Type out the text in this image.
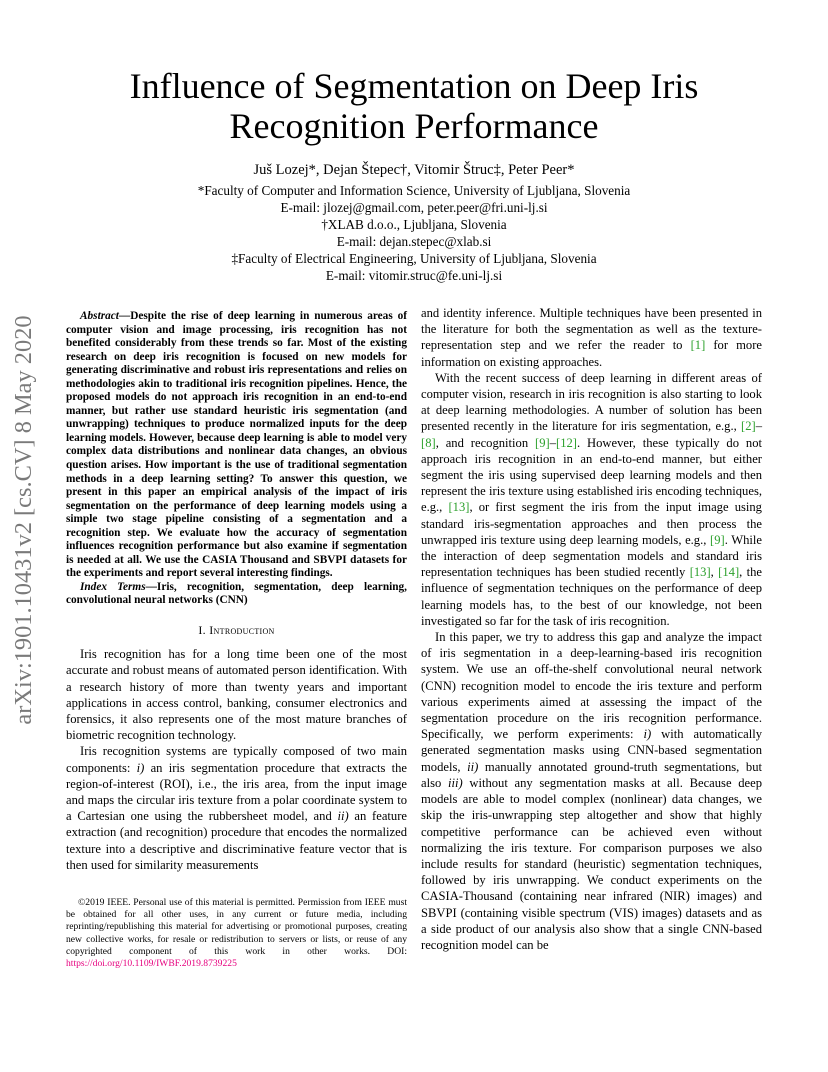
Influence of Segmentation on Deep Iris Recognition Performance
Juš Lozej*, Dejan Štepec†, Vitomir Štruc‡, Peter Peer*
*Faculty of Computer and Information Science, University of Ljubljana, Slovenia
E-mail: jlozej@gmail.com, peter.peer@fri.uni-lj.si
†XLAB d.o.o., Ljubljana, Slovenia
E-mail: dejan.stepec@xlab.si
‡Faculty of Electrical Engineering, University of Ljubljana, Slovenia
E-mail: vitomir.struc@fe.uni-lj.si
arXiv:1901.10431v2 [cs.CV] 8 May 2020	Abstract—Despite the rise of deep learning in numerous areas of computer vision and image processing, iris recognition has not benefited considerably from these trends so far. Most of the existing research on deep iris recognition is focused on new models for generating discriminative and robust iris representations and relies on methodologies akin to traditional iris recognition pipelines. Hence, the proposed models do not approach iris recognition in an end-to-end manner, but rather use standard heuristic iris segmentation (and unwrapping) techniques to produce normalized inputs for the deep learning models. However, because deep learning is able to model very complex data distributions and nonlinear data changes, an obvious question arises. How important is the use of traditional segmentation methods in a deep learning setting? To answer this question, we present in this paper an empirical analysis of the impact of iris segmentation on the performance of deep learning models using a simple two stage pipeline consisting of a segmentation and a recognition step. We evaluate how the accuracy of segmentation influences recognition performance but also examine if segmentation is needed at all. We use the CASIA Thousand and SBVPI datasets for the experiments and report several interesting findings.

Index Terms—Iris, recognition, segmentation, deep learning, convolutional neural networks (CNN)

I. Introduction

Iris recognition has for a long time been one of the most accurate and robust means of automated person identification. With a research history of more than twenty years and important applications in access control, banking, consumer electronics and forensics, it also represents one of the most mature branches of biometric recognition technology.

Iris recognition systems are typically composed of two main components: i) an iris segmentation procedure that extracts the region-of-interest (ROI), i.e., the iris area, from the input image and maps the circular iris texture from a polar coordinate system to a Cartesian one using the rubbersheet model, and ii) an feature extraction (and recognition) procedure that encodes the normalized texture into a descriptive and discriminative feature vector that is then used for similarity measurements

©2019 IEEE. Personal use of this material is permitted. Permission from IEEE must be obtained for all other uses, in any current or future media, including reprinting/republishing this material for advertising or promotional purposes, creating new collective works, for resale or redistribution to servers or lists, or reuse of any copyrighted component of this work in other works. DOI: https://doi.org/10.1109/IWBF.2019.8739225

and identity inference. Multiple techniques have been presented in the literature for both the segmentation as well as the texture-representation step and we refer the reader to [1] for more information on existing approaches.

With the recent success of deep learning in different areas of computer vision, research in iris recognition is also starting to look at deep learning methodologies. A number of solution has been presented recently in the literature for iris segmentation, e.g., [2]–[8], and recognition [9]–[12]. However, these typically do not approach iris recognition in an end-to-end manner, but either segment the iris using supervised deep learning models and then represent the iris texture using established iris encoding techniques, e.g., [13], or first segment the iris from the input image using standard iris-segmentation approaches and then process the unwrapped iris texture using deep learning models, e.g., [9]. While the interaction of deep segmentation models and standard iris representation techniques has been studied recently [13], [14], the influence of segmentation techniques on the performance of deep learning models has, to the best of our knowledge, not been investigated so far for the task of iris recognition.

In this paper, we try to address this gap and analyze the impact of iris segmentation in a deep-learning-based iris recognition system. We use an off-the-shelf convolutional neural network (CNN) recognition model to encode the iris texture and perform various experiments aimed at assessing the impact of the segmentation procedure on the iris recognition performance. Specifically, we perform experiments: i) with automatically generated segmentation masks using CNN-based segmentation models, ii) manually annotated ground-truth segmentations, but also iii) without any segmentation masks at all. Because deep models are able to model complex (nonlinear) data changes, we skip the iris-unwrapping step altogether and show that highly competitive performance can be achieved even without normalizing the iris texture. For comparison purposes we also include results for standard (heuristic) segmentation techniques, followed by iris unwrapping. We conduct experiments on the CASIA-Thousand (containing near infrared (NIR) images) and SBVPI (containing visible spectrum (VIS) images) datasets and as a side product of our analysis also show that a single CNN-based recognition model can be
